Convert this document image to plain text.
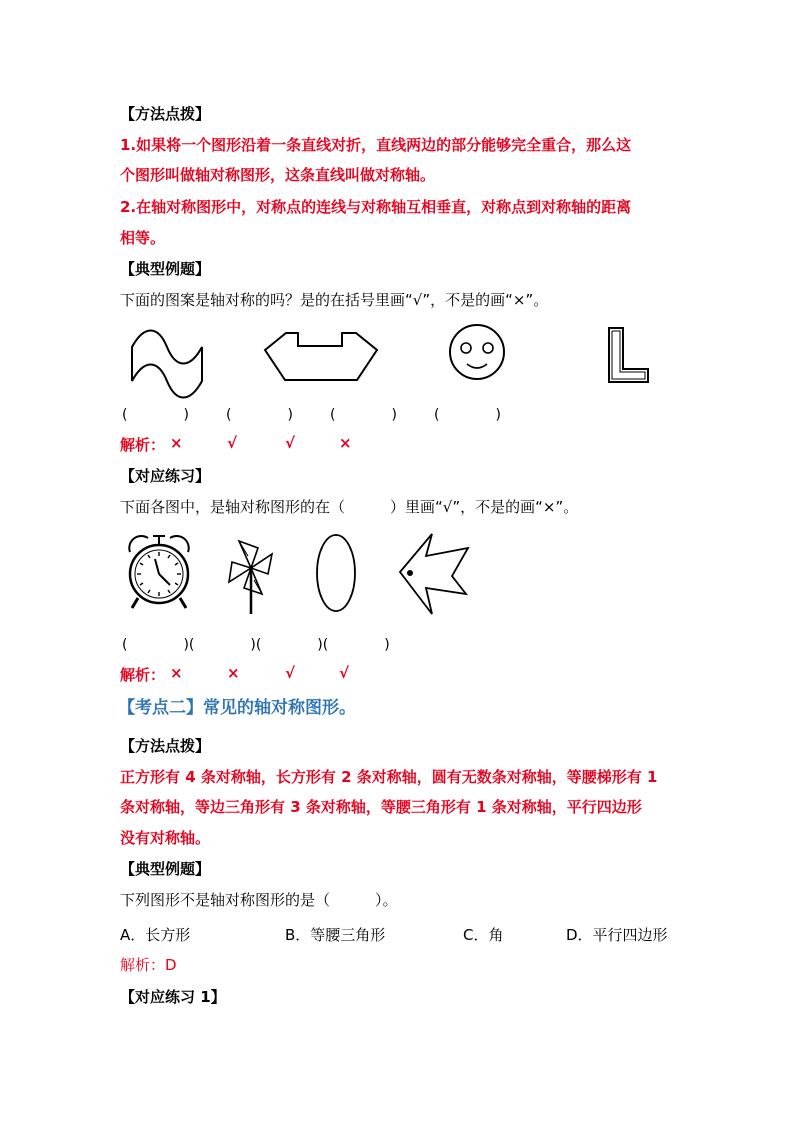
【方法点拨】
1.如果将一个图形沿着一条直线对折，直线两边的部分能够完全重合，那么这
个图形叫做轴对称图形，这条直线叫做对称轴。
2.在轴对称图形中，对称点的连线与对称轴互相垂直，对称点到对称轴的距离
相等。
【典型例题】
下面的图案是轴对称的吗？是的在括号里画“√”，不是的画“×”。
(　　　　)	(　　　　)	(　　　　)	(　　　　)
解析： ×	√	√	×
【对应练习】
下面各图中，是轴对称图形的在（　　　）里画“√”，不是的画“×”。
(　　　　)(　　　　)(　　　　)(　　　　)
解析： ×	×	√	√
【考点二】常见的轴对称图形。
【方法点拨】
正方形有 4 条对称轴，长方形有 2 条对称轴，圆有无数条对称轴，等腰梯形有 1
条对称轴，等边三角形有 3 条对称轴，等腰三角形有 1 条对称轴，平行四边形
没有对称轴。
【典型例题】
下列图形不是轴对称图形的是（　　　）。
A．长方形	B．等腰三角形	C．角	D．平行四边形
解析：D
【对应练习 1】
